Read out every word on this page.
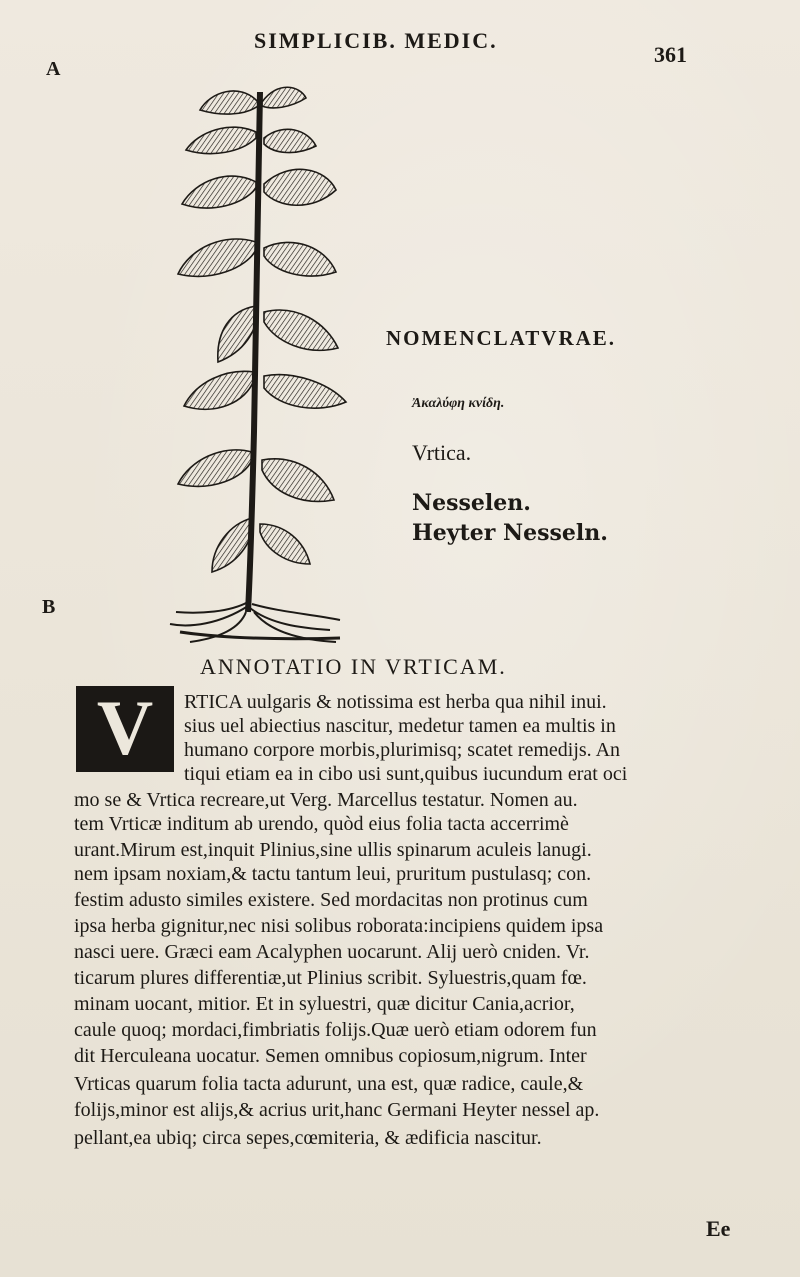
SIMPLICIB. MEDIC.
361
A
B
NOMENCLATVRAE.
Ἀκαλύφη κνίδη.
Vrtica.
Nesselen.
Heyter Nesseln.
ANNOTATIO IN VRTICAM.
V	RTICA uulgaris & notissima est herba qua nihil inui.
sius uel abiectius nascitur, medetur tamen ea multis in
humano corpore morbis,plurimisq; scatet remedijs. An
tiqui etiam ea in cibo usi sunt,quibus iucundum erat oci
mo se & Vrtica recreare,ut Verg. Marcellus testatur. Nomen au.
tem Vrticæ inditum ab urendo, quòd eius folia tacta accerrimè
urant.Mirum est,inquit Plinius,sine ullis spinarum aculeis lanugi.
nem ipsam noxiam,& tactu tantum leui, pruritum pustulasq; con.
festim adusto similes existere. Sed mordacitas non protinus cum
ipsa herba gignitur,nec nisi solibus roborata:incipiens quidem ipsa
nasci uere. Græci eam Acalyphen uocarunt. Alij uerò cniden. Vr.
ticarum plures differentiæ,ut Plinius scribit. Syluestris,quam fœ.
minam uocant, mitior. Et in syluestri, quæ dicitur Cania,acrior,
caule quoq; mordaci,fimbriatis folijs.Quæ uerò etiam odorem fun
dit Herculeana uocatur. Semen omnibus copiosum,nigrum. Inter
Vrticas quarum folia tacta adurunt, una est, quæ radice, caule,&
folijs,minor est alijs,& acrius urit,hanc Germani Heyter nessel ap.
pellant,ea ubiq; circa sepes,cœmiteria, & ædificia nascitur.
Ee
